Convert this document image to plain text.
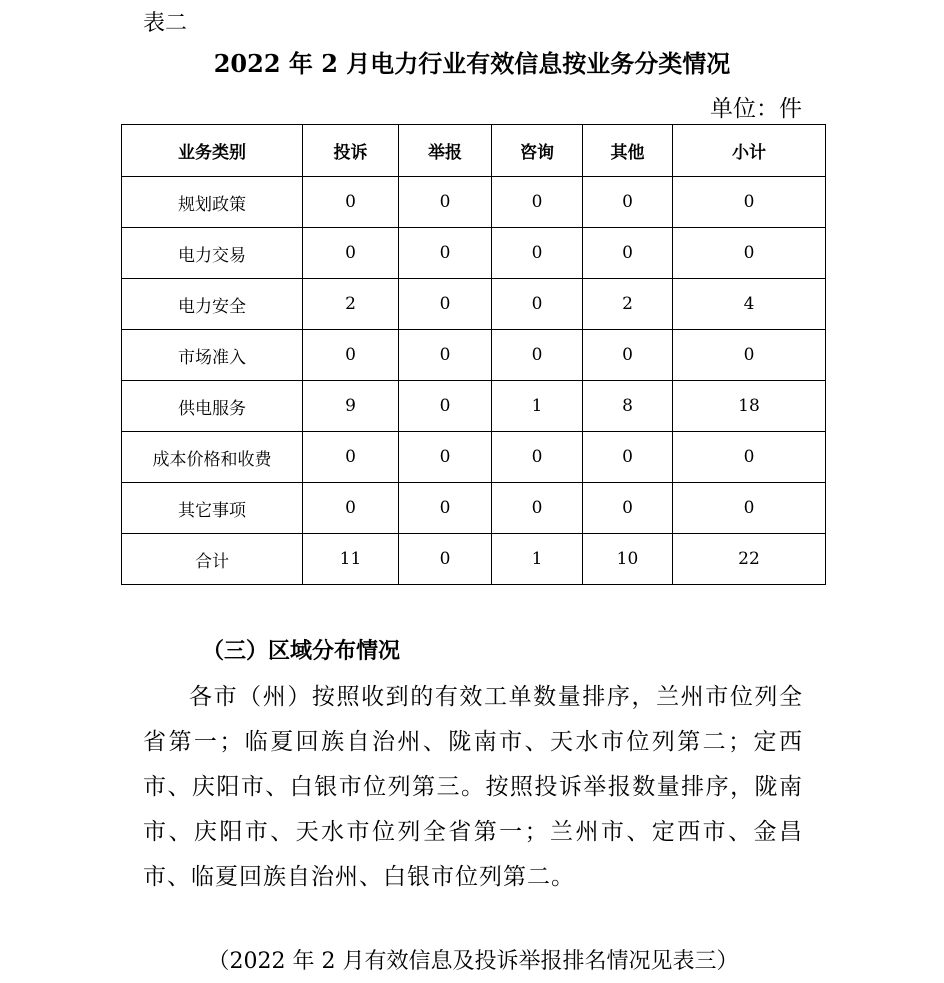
表二
2022 年 2 月电力行业有效信息按业务分类情况
单位：件
业务类别	投诉	举报	咨询	其他	小计
规划政策	0	0	0	0	0
电力交易	0	0	0	0	0
电力安全	2	0	0	2	4
市场准入	0	0	0	0	0
供电服务	9	0	1	8	18
成本价格和收费	0	0	0	0	0
其它事项	0	0	0	0	0
合计	11	0	1	10	22
（三）区域分布情况

各市（州）按照收到的有效工单数量排序，兰州市位列全省第一；临夏回族自治州、陇南市、天水市位列第二；定西市、庆阳市、白银市位列第三。按照投诉举报数量排序，陇南市、庆阳市、天水市位列全省第一；兰州市、定西市、金昌市、临夏回族自治州、白银市位列第二。

（2022 年 2 月有效信息及投诉举报排名情况见表三）
